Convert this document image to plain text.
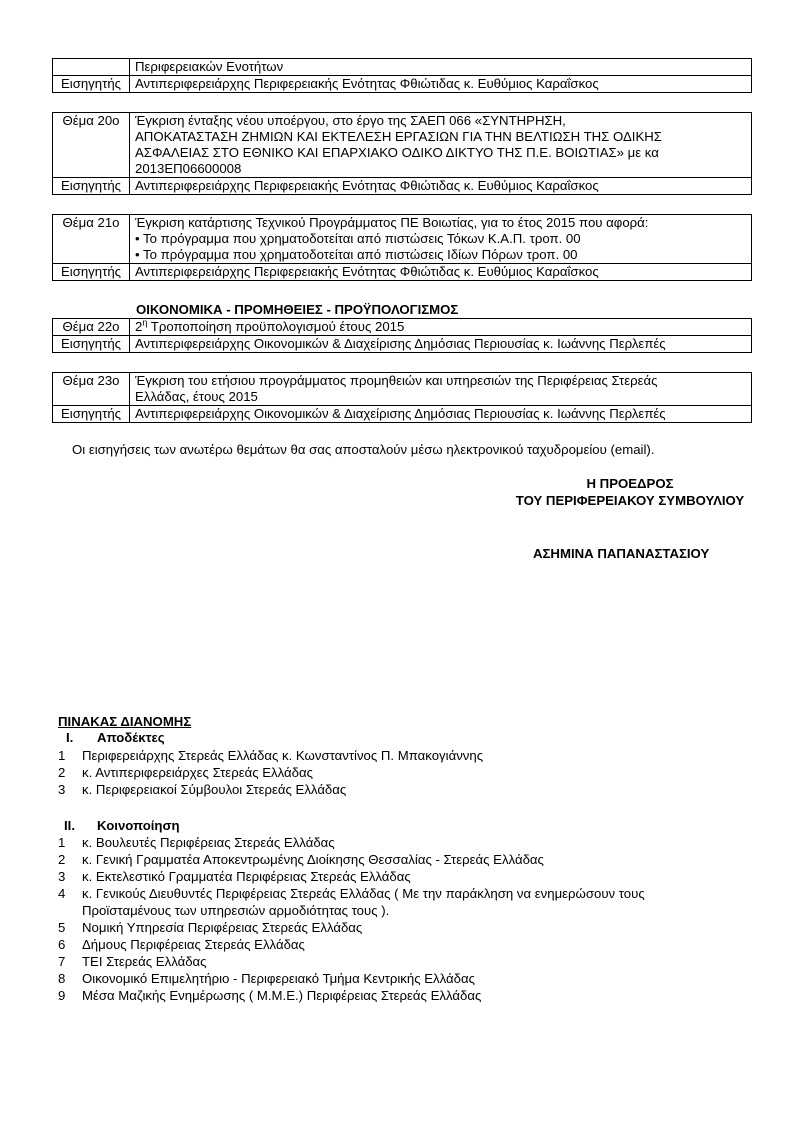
	Περιφερειακών Ενοτήτων
Εισηγητής	Αντιπεριφερειάρχης Περιφερειακής Ενότητας Φθιώτιδας κ. Ευθύμιος Καραΐσκος
Θέμα 20ο	Έγκριση ένταξης νέου υποέργου, στο έργο της ΣΑΕΠ 066 «ΣΥΝΤΗΡΗΣΗ,
ΑΠΟΚΑΤΑΣΤΑΣΗ ΖΗΜΙΩΝ ΚΑΙ ΕΚΤΕΛΕΣΗ ΕΡΓΑΣΙΩΝ ΓΙΑ ΤΗΝ ΒΕΛΤΙΩΣΗ ΤΗΣ ΟΔΙΚΗΣ
ΑΣΦΑΛΕΙΑΣ ΣΤΟ ΕΘΝΙΚΟ ΚΑΙ ΕΠΑΡΧΙΑΚΟ ΟΔΙΚΟ ΔΙΚΤΥΟ ΤΗΣ Π.Ε. ΒΟΙΩΤΙΑΣ» με κα
2013ΕΠ06600008

Εισηγητής	Αντιπεριφερειάρχης Περιφερειακής Ενότητας Φθιώτιδας κ. Ευθύμιος Καραΐσκος
Θέμα 21ο	Έγκριση κατάρτισης Τεχνικού Προγράμματος ΠΕ Βοιωτίας, για το έτος 2015 που αφορά:
• Το πρόγραμμα που χρηματοδοτείται από πιστώσεις Τόκων Κ.Α.Π. τροπ. 00
• Το πρόγραμμα που χρηματοδοτείται από πιστώσεις Ιδίων Πόρων τροπ. 00

Εισηγητής	Αντιπεριφερειάρχης Περιφερειακής Ενότητας Φθιώτιδας κ. Ευθύμιος Καραΐσκος
ΟΙΚΟΝΟΜΙΚΑ - ΠΡΟΜΗΘΕΙΕΣ - ΠΡΟΫΠΟΛΟΓΙΣΜΟΣ
Θέμα 22ο	$2^\eta$ Τροποποίηση προϋπολογισμού έτους 2015
Εισηγητής	Αντιπεριφερειάρχης Οικονομικών & Διαχείρισης Δημόσιας Περιουσίας κ. Ιωάννης Περλεπές
Θέμα 23ο	Έγκριση του ετήσιου προγράμματος προμηθειών και υπηρεσιών της Περιφέρειας Στερεάς
Ελλάδας, έτους 2015

Εισηγητής	Αντιπεριφερειάρχης Οικονομικών & Διαχείρισης Δημόσιας Περιουσίας κ. Ιωάννης Περλεπές
Οι εισηγήσεις των ανωτέρω θεμάτων θα σας αποσταλούν μέσω ηλεκτρονικού ταχυδρομείου (email).
Η ΠΡΟΕΔΡΟΣ
ΤΟΥ ΠΕΡΙΦΕΡΕΙΑΚΟΥ ΣΥΜΒΟΥΛΙΟΥ
ΑΣΗΜΙΝΑ ΠΑΠΑΝΑΣΤΑΣΙΟΥ
ΠΙΝΑΚΑΣ ΔΙΑΝΟΜΗΣ
I. Αποδέκτες
1 Περιφερειάρχης Στερεάς Ελλάδας κ. Κωνσταντίνος Π. Μπακογιάννης
2 κ. Αντιπεριφερειάρχες Στερεάς Ελλάδας
3 κ. Περιφερειακοί Σύμβουλοι Στερεάς Ελλάδας
II. Κοινοποίηση
1 κ. Βουλευτές Περιφέρειας Στερεάς Ελλάδας
2 κ. Γενική Γραμματέα Αποκεντρωμένης Διοίκησης Θεσσαλίας - Στερεάς Ελλάδας
3 κ. Εκτελεστικό Γραμματέα Περιφέρειας Στερεάς Ελλάδας
4 κ. Γενικούς Διευθυντές Περιφέρειας Στερεάς Ελλάδας ( Με την παράκληση να ενημερώσουν τους
Προϊσταμένους των υπηρεσιών αρμοδιότητας τους ).
5 Νομική Υπηρεσία Περιφέρειας Στερεάς Ελλάδας
6 Δήμους Περιφέρειας Στερεάς Ελλάδας
7 ΤΕΙ Στερεάς Ελλάδας
8 Οικονομικό Επιμελητήριο - Περιφερειακό Τμήμα Κεντρικής Ελλάδας
9 Μέσα Μαζικής Ενημέρωσης ( Μ.Μ.Ε.) Περιφέρειας Στερεάς Ελλάδας
